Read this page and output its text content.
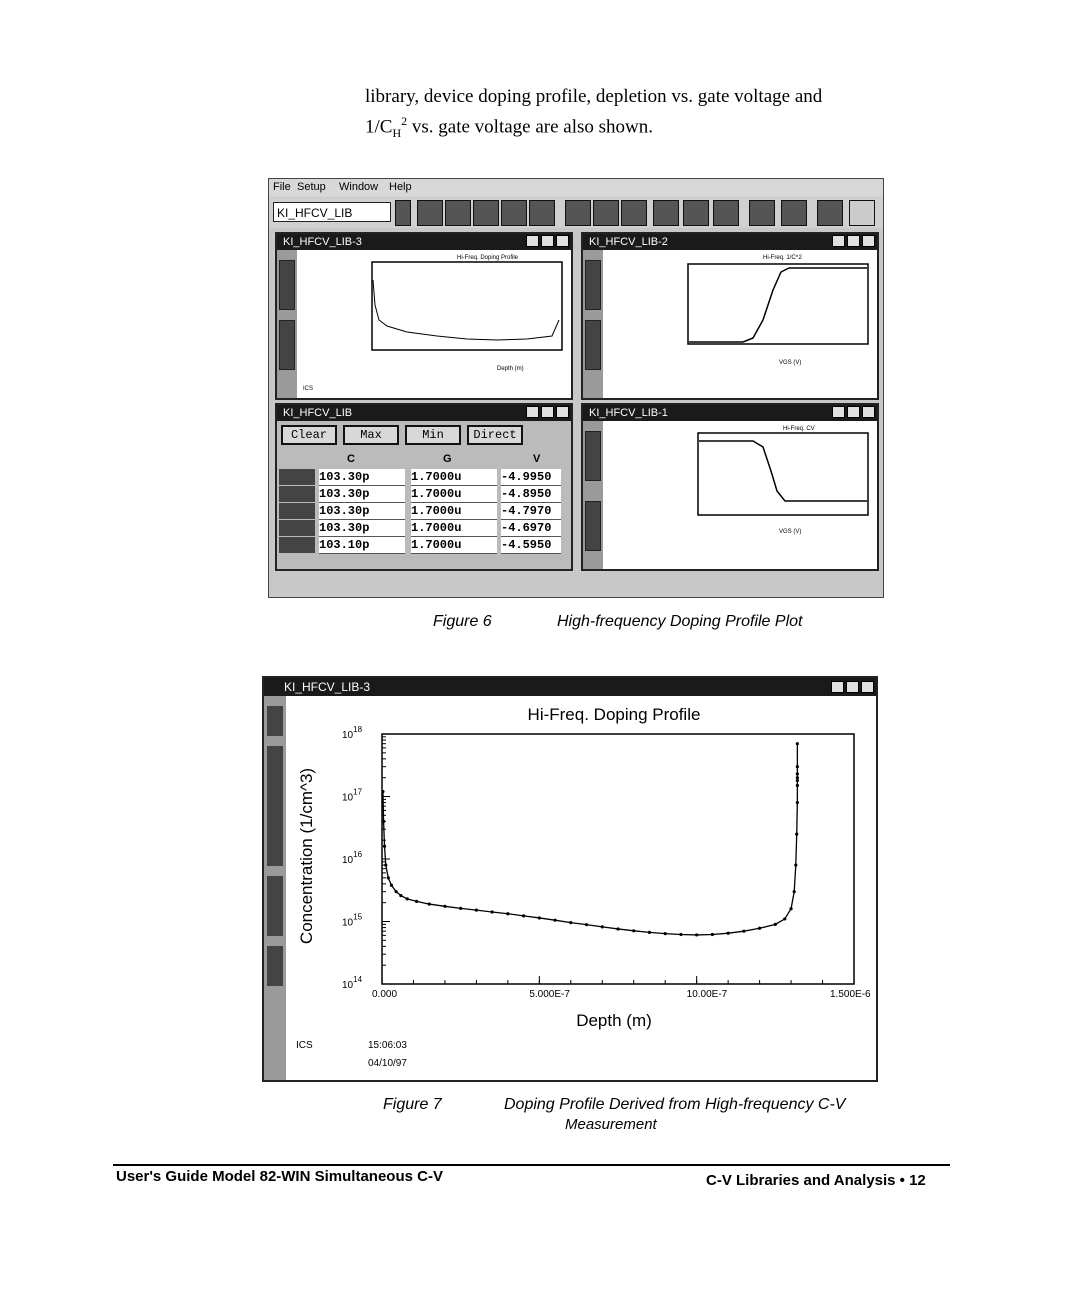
library, device doping profile, depletion vs. gate voltage and
$1/C_H^2$ vs. gate voltage are also shown.
File Setup Window Help
KI_HFCV_LIB
KI_HFCV_LIB-3
Hi-Freq. Doping Profile
Depth (m)
ICS
KI_HFCV_LIB-2
Hi-Freq. 1/C^2
VGS (V)
KI_HFCV_LIB
Clear	Max	Min	Direct
C	G	V
103.30p	1.7000u	-4.9950
103.30p	1.7000u	-4.8950
103.30p	1.7000u	-4.7970
103.30p	1.7000u	-4.6970
103.10p	1.7000u	-4.5950
KI_HFCV_LIB-1
Hi-Freq. CV
VGS (V)
Figure 6	High-frequency Doping Profile Plot
KI_HFCV_LIB-3
Hi-Freq. Doping Profile
Concentration (1/cm^3)
Depth (m)
ICS	15:06:03
04/10/97
0.000	5.000E-7	10.00E-7	1.500E-6
$10^{18}$
$10^{17}$
$10^{16}$
$10^{15}$
$10^{14}$
Figure 7	Doping Profile Derived from High-frequency C-V
Measurement
User's Guide Model 82-WIN Simultaneous C-V	C-V Libraries and Analysis • 12
